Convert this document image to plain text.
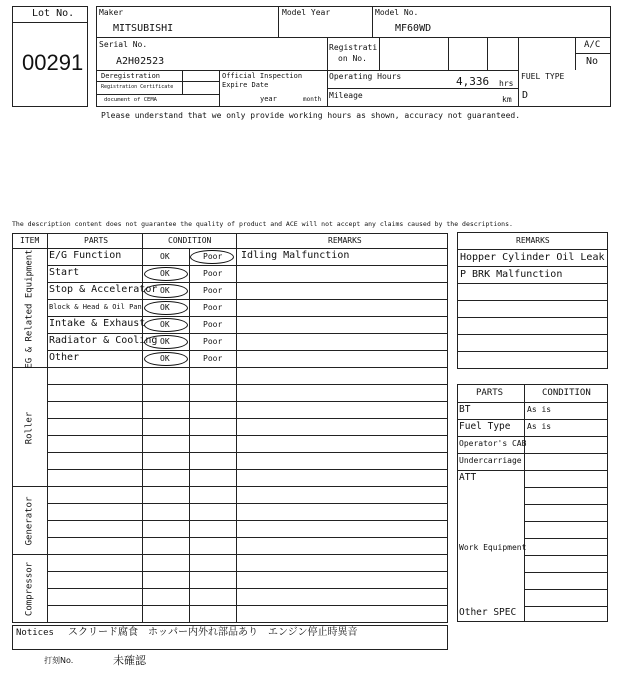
Lot No.
00291
Maker
MITSUBISHI
Model Year	Model No.
MF60WD
Serial No.
A2H02523
Registrati
on No.
A/C
No
Deregistration
Registration Certificate
document of CEMA
Official Inspection
Expire Date
year	month
Operating Hours	4,336 hrs
Mileage	km
FUEL TYPE
D
Please understand that we only provide working hours as shown, accuracy not guaranteed.
The description content does not guarantee the quality of product and ACE will not accept any claims caused by the descriptions.
ITEM	PARTS	CONDITION	REMARKS
EG & Related Equipment
Roller
Generator
Compressor
E/G Function	OK	Poor Idling Malfunction
Start	OK	Poor
Stop & Accelerator OK	Poor
Block & Head & Oil Pan OK	Poor
Intake & Exhaust OK	Poor
Radiator & Cooling OK	Poor
Other	OK	Poor
REMARKS
Hopper Cylinder Oil Leak
P BRK Malfunction
PARTS	CONDITION
BT	As is
Fuel Type As is
Operator's CAB
Undercarriage
ATT
Work Equipment
Other SPEC
Notices スクリード腐食　ホッパー内外れ部品あり　エンジン停止時異音
打刻No.	未確認
